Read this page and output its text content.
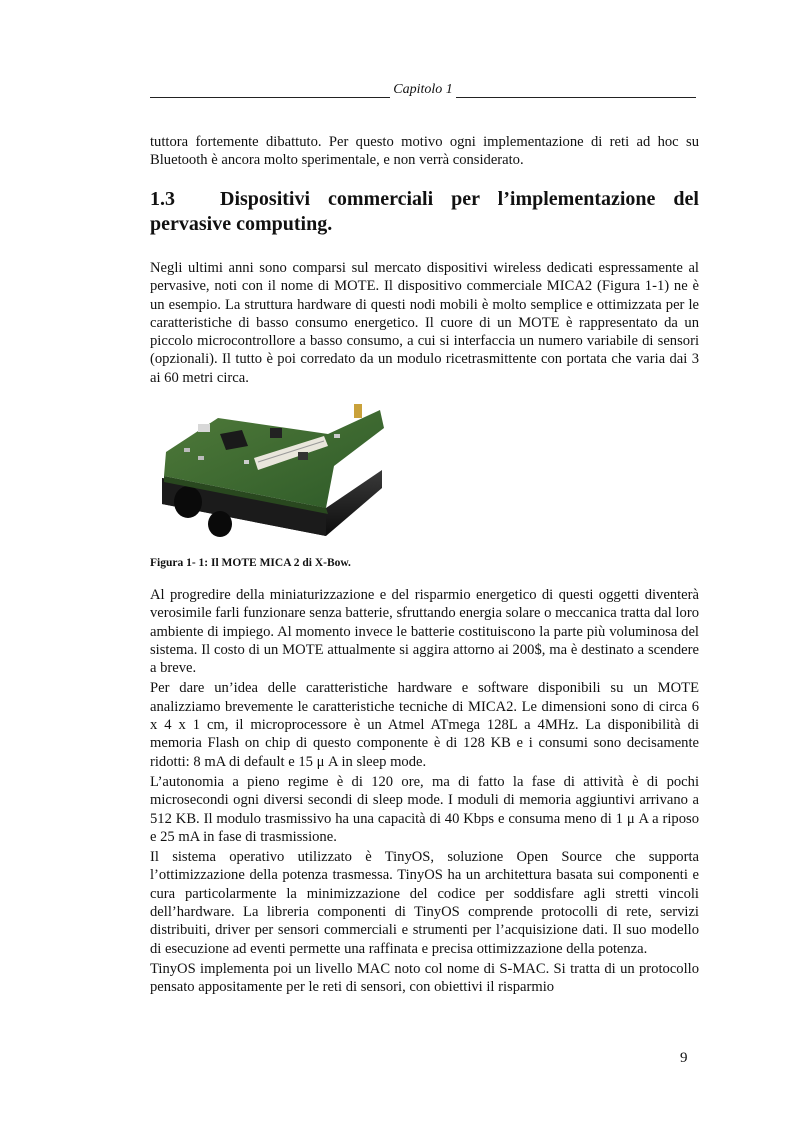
Capitolo 1

tuttora fortemente dibattuto. Per questo motivo ogni implementazione di reti ad hoc su Bluetooth è ancora molto sperimentale, e non verrà considerato.

1.3 Dispositivi commerciali per l’implementazione del pervasive computing.

Negli ultimi anni sono comparsi sul mercato dispositivi wireless dedicati espressamente al pervasive, noti con il nome di MOTE. Il dispositivo commerciale MICA2 (Figura 1-1) ne è un esempio. La struttura hardware di questi nodi mobili è molto semplice e ottimizzata per le caratteristiche di basso consumo energetico. Il cuore di un MOTE è rappresentato da un piccolo microcontrollore a basso consumo, a cui si interfaccia un numero variabile di sensori (opzionali). Il tutto è poi corredato da un modulo ricetrasmittente con portata che varia dai 3 ai 60 metri circa.

Figura 1- 1: Il MOTE MICA 2 di X-Bow.

Al progredire della miniaturizzazione e del risparmio energetico di questi oggetti diventerà verosimile farli funzionare senza batterie, sfruttando energia solare o meccanica tratta dal loro ambiente di impiego. Al momento invece le batterie costituiscono la parte più voluminosa del sistema. Il costo di un MOTE attualmente si aggira attorno ai 200$, ma è destinato a scendere a breve.

Per dare un’idea delle caratteristiche hardware e software disponibili su un MOTE analizziamo brevemente le caratteristiche tecniche di MICA2. Le dimensioni sono di circa 6 x 4 x 1 cm, il microprocessore è un Atmel ATmega 128L a 4MHz. La disponibilità di memoria Flash on chip di questo componente è di 128 KB e i consumi sono decisamente ridotti: 8 mA di default e 15 μ A in sleep mode.

L’autonomia a pieno regime è di 120 ore, ma di fatto la fase di attività è di pochi microsecondi ogni diversi secondi di sleep mode. I moduli di memoria aggiuntivi arrivano a 512 KB. Il modulo trasmissivo ha una capacità di 40 Kbps e consuma meno di 1 μ A a riposo e 25 mA in fase di trasmissione.

Il sistema operativo utilizzato è TinyOS, soluzione Open Source che supporta l’ottimizzazione della potenza trasmessa. TinyOS ha un architettura basata sui componenti e cura particolarmente la minimizzazione del codice per soddisfare agli stretti vincoli dell’hardware. La libreria componenti di TinyOS comprende protocolli di rete, servizi distribuiti, driver per sensori commerciali e strumenti per l’acquisizione dati. Il suo modello di esecuzione ad eventi permette una raffinata e precisa ottimizzazione della potenza.

TinyOS implementa poi un livello MAC noto col nome di S-MAC. Si tratta di un protocollo pensato appositamente per le reti di sensori, con obiettivi il risparmio

9
